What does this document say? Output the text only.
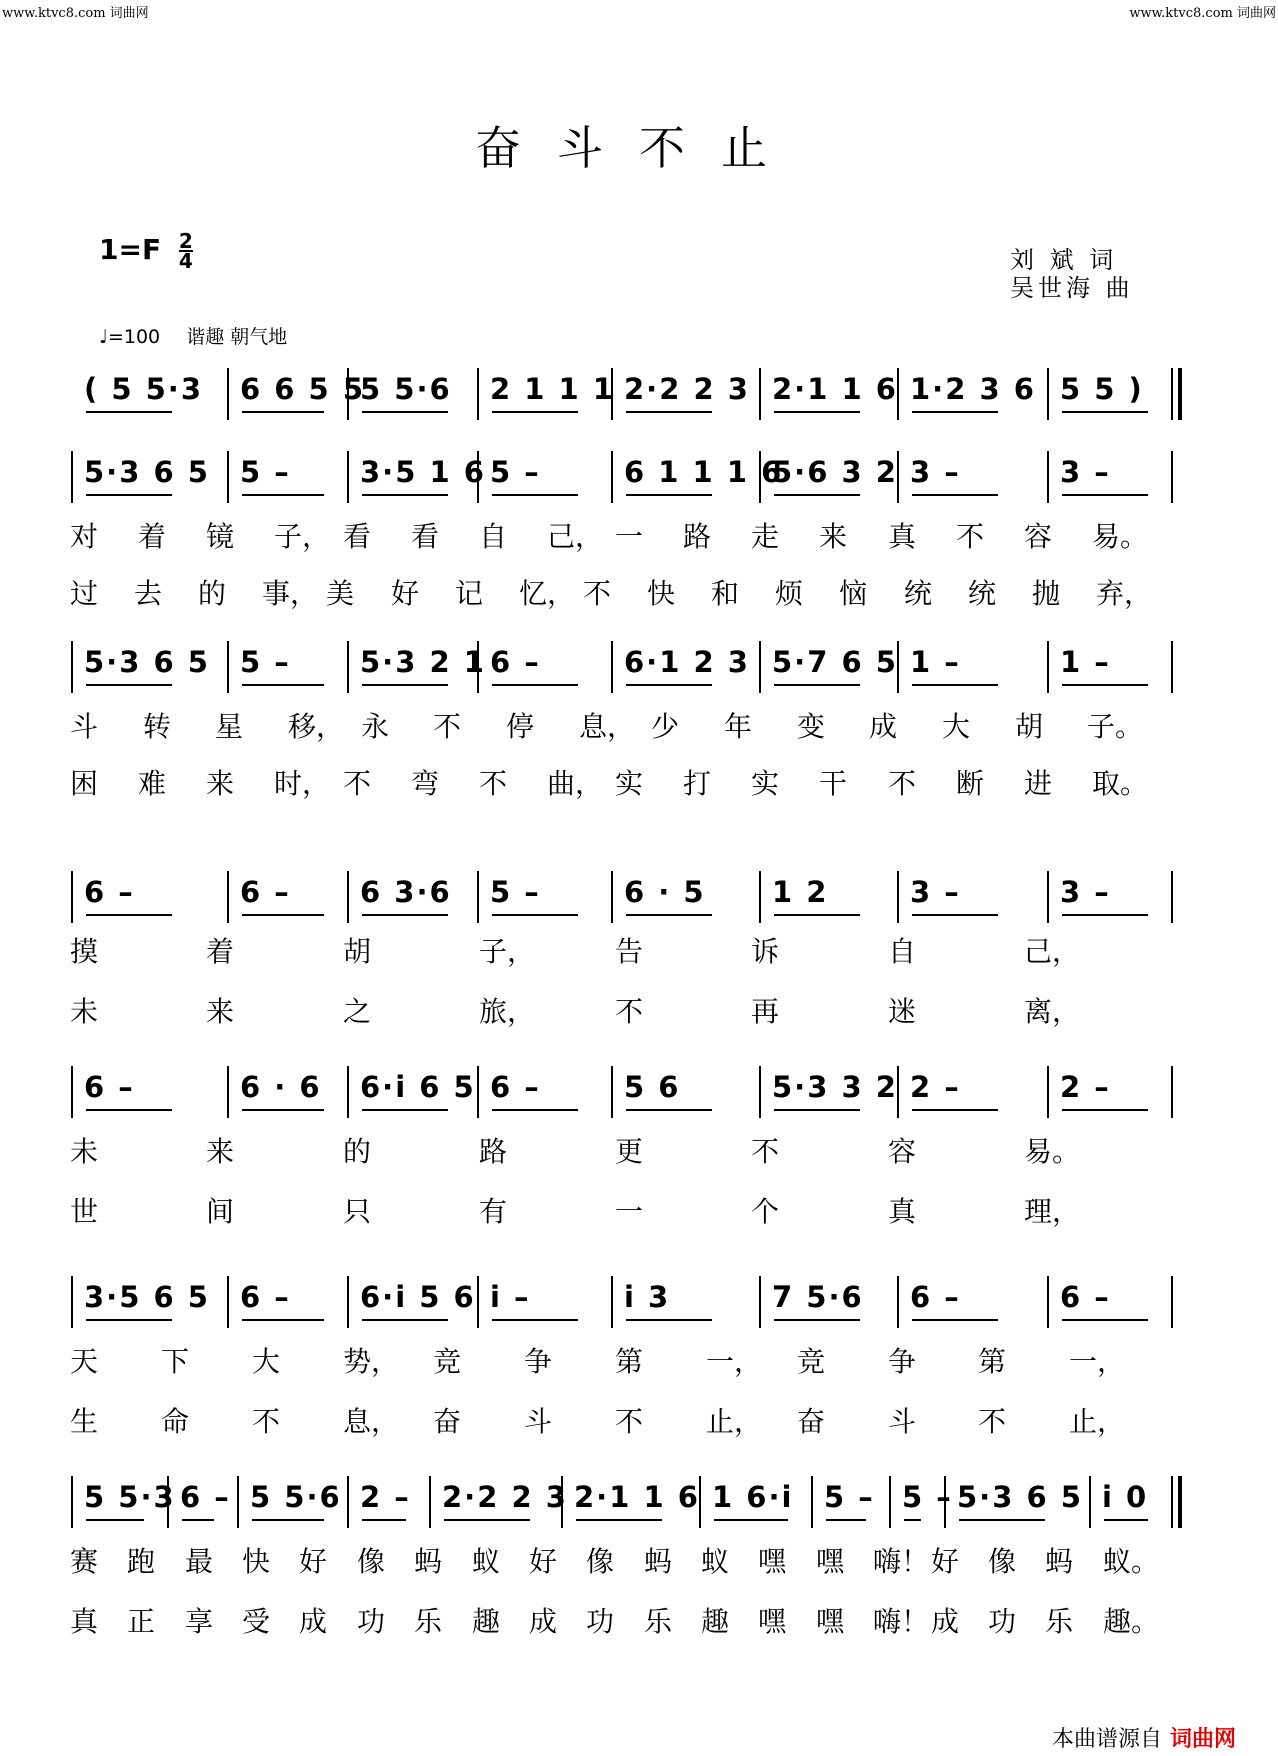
www.ktvc8.com 词曲网	www.ktvc8.com 词曲网
奋斗不止
$1=F \frac{2}{4}$	刘 斌 词
吴世海 曲
♩=100 谐趣 朝气地
( 5 5·3	6 6 5 5
5 5·6	2 1 1 1 2·2 2 3 2·1 1 6 1·2 3 6 5 5 )
5·3 6 5	5 –	3·5 1 6 5 –	6 1 1 1 6
5·6 3 2 3 –	3 –
对 着 镜 子， 看 看 自 己， 一 路 走 来 真 不 容 易。
过 去 的 事， 美 好 记 忆， 不 快 和 烦 恼 统 统 抛 弃，
5·3 6 5	5 –	5·3 2 1 6 –	6·1 2 3 5·7 6 5 1 –	1 –
斗 转 星 移， 永 不 停 息， 少 年 变 成 大 胡 子。
困 难 来 时， 不 弯 不 曲， 实 打 实 干 不 断 进 取。
6 –	6 –	6 3·6	5 –	6 · 5	1 2	3 –	3 –
摸	着	胡	子，	告	诉	自	己，
未	来	之	旅，	不	再	迷	离，
6 –	6 · 6	6·i 6 5 6 –	5 6	5·3 3 2 2 –	2 –
未	来	的	路	更	不	容	易。
世	间	只	有	一	个	真	理，
3·5 6 5	6 –	6·i 5 6 i –	i 3	7 5·6	6 –	6 –
天 下 大 势， 竞 争 第 一， 竞 争 第 一，
生 命 不 息， 奋 斗 不 止， 奋 斗 不 止，
5 5·3 6 – 5 5·6 2 –	2·2 2 3 2·1 1 6 1 6·i	5 – 5 – 5·3 6 5 i 0
赛 跑 最 快 好 像 蚂 蚁 好 像 蚂 蚁 嘿 嘿 嗨！ 好 像 蚂 蚁。
真 正 享 受 成 功 乐 趣 成 功 乐 趣 嘿 嘿 嗨！ 成 功 乐 趣。
本曲谱源自 词曲网
